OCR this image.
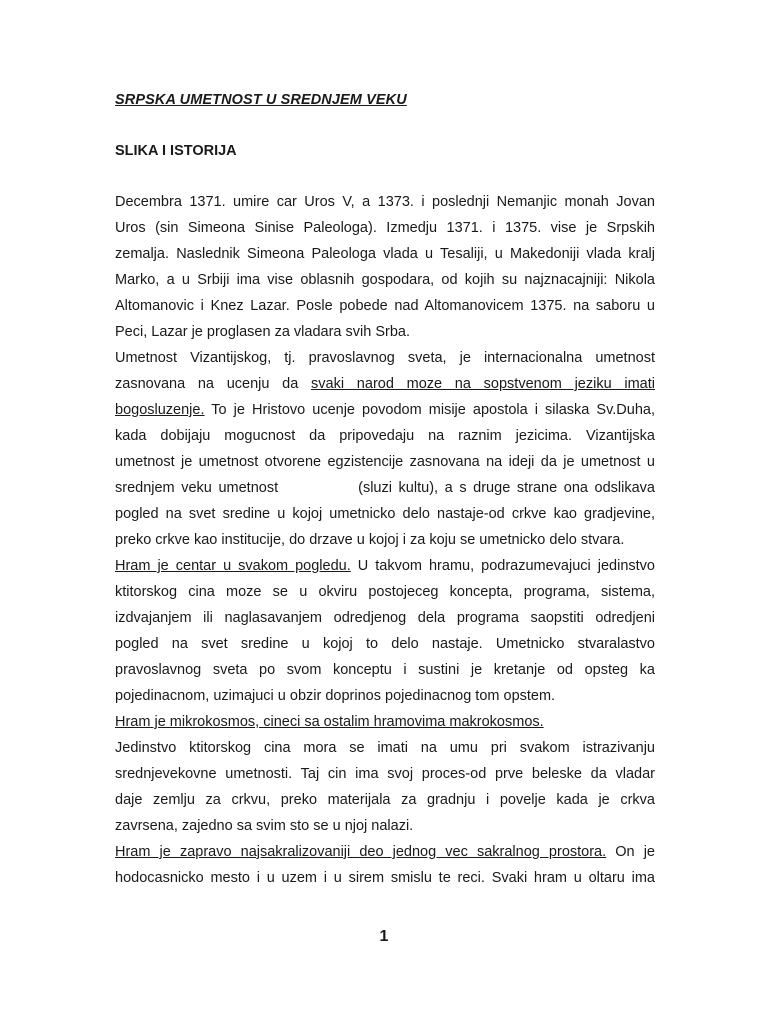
SRPSKA UMETNOST U SREDNJEM VEKU
SLIKA I ISTORIJA
Decembra 1371. umire car Uros V, a 1373. i poslednji Nemanjic monah Jovan
Uros (sin Simeona Sinise Paleologa). Izmedju 1371. i 1375. vise je Srpskih
zemalja. Naslednik Simeona Paleologa vlada u Tesaliji, u Makedoniji vlada kralj
Marko, a u Srbiji ima vise oblasnih gospodara, od kojih su najznacajniji: Nikola
Altomanovic i Knez Lazar. Posle pobede nad Altomanovicem 1375. na saboru u
Peci, Lazar je proglasen za vladara svih Srba.
Umetnost Vizantijskog, tj. pravoslavnog sveta, je internacionalna umetnost
zasnovana na ucenju da svaki narod moze na sopstvenom jeziku imati
bogosluzenje. To je Hristovo ucenje povodom misije apostola i silaska Sv.Duha,
kada dobijaju mogucnost da pripovedaju na raznim jezicima. Vizantijska
umetnost je umetnost otvorene egzistencije zasnovana na ideji da je umetnost u
srednjem veku umetnost	(sluzi kultu), a s druge strane ona odslikava
pogled na svet sredine u kojoj umetnicko delo nastaje-od crkve kao gradjevine,
preko crkve kao institucije, do drzave u kojoj i za koju se umetnicko delo stvara.
Hram je centar u svakom pogledu. U takvom hramu, podrazumevajuci jedinstvo
ktitorskog cina moze se u okviru postojeceg koncepta, programa, sistema,
izdvajanjem ili naglasavanjem odredjenog dela programa saopstiti odredjeni
pogled na svet sredine u kojoj to delo nastaje. Umetnicko stvaralastvo
pravoslavnog sveta po svom konceptu i sustini je kretanje od opsteg ka
pojedinacnom, uzimajuci u obzir doprinos pojedinacnog tom opstem.
Hram je mikrokosmos, cineci sa ostalim hramovima makrokosmos.
Jedinstvo ktitorskog cina mora se imati na umu pri svakom istrazivanju
srednjevekovne umetnosti. Taj cin ima svoj proces-od prve beleske da vladar
daje zemlju za crkvu, preko materijala za gradnju i povelje kada je crkva
zavrsena, zajedno sa svim sto se u njoj nalazi.
Hram je zapravo najsakralizovaniji deo jednog vec sakralnog prostora. On je
hodocasnicko mesto i u uzem i u sirem smislu te reci. Svaki hram u oltaru ima
1
